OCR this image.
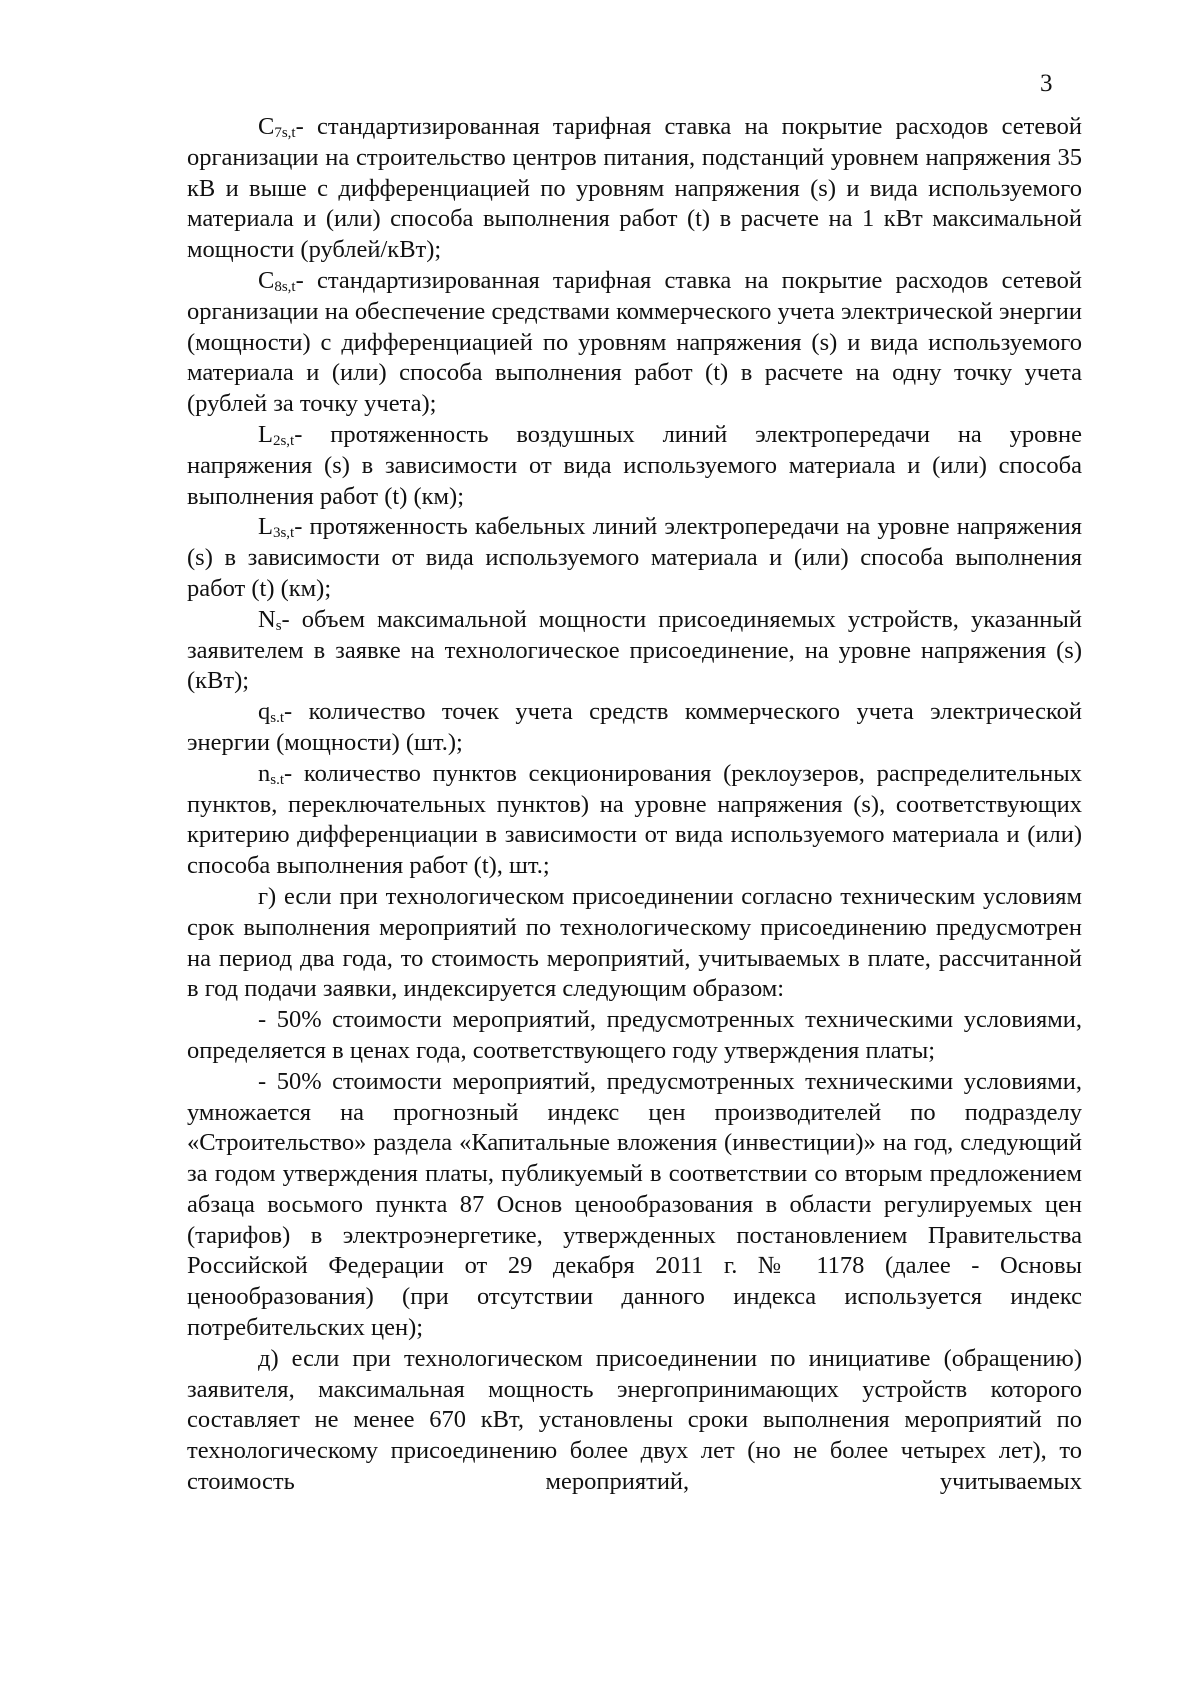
3

$C_{7s,t}-$ стандартизированная тарифная ставка на покрытие расходов сетевой организации на строительство центров питания, подстанций уровнем напряжения 35 кВ и выше с дифференциацией по уровням напряжения (s) и вида используемого материала и (или) способа выполнения работ (t) в расчете на 1 кВт максимальной мощности (рублей/кВт);

$C_{8s,t}-$ стандартизированная тарифная ставка на покрытие расходов сетевой организации на обеспечение средствами коммерческого учета электрической энергии (мощности) с дифференциацией по уровням напряжения (s) и вида используемого материала и (или) способа выполнения работ (t) в расчете на одну точку учета (рублей за точку учета);

$L_{2s,t}-$ протяженность воздушных линий электропередачи на уровне напряжения (s) в зависимости от вида используемого материала и (или) способа выполнения работ (t) (км);

$L_{3s,t}-$ протяженность кабельных линий электропередачи на уровне напряжения (s) в зависимости от вида используемого материала и (или) способа выполнения работ (t) (км);

$N_s-$ объем максимальной мощности присоединяемых устройств, указанный заявителем в заявке на технологическое присоединение, на уровне напряжения (s) (кВт);

$q_{s.t}-$ количество точек учета средств коммерческого учета электрической энергии (мощности) (шт.);

$n_{s.t}-$ количество пунктов секционирования (реклоузеров, распределительных пунктов, переключательных пунктов) на уровне напряжения (s), соответствующих критерию дифференциации в зависимости от вида используемого материала и (или) способа выполнения работ (t), шт.;

г) если при технологическом присоединении согласно техническим условиям срок выполнения мероприятий по технологическому присоединению предусмотрен на период два года, то стоимость мероприятий, учитываемых в плате, рассчитанной в год подачи заявки, индексируется следующим образом:

- 50% стоимости мероприятий, предусмотренных техническими условиями, определяется в ценах года, соответствующего году утверждения платы;

- 50% стоимости мероприятий, предусмотренных техническими условиями, умножается на прогнозный индекс цен производителей по подразделу «Строительство» раздела «Капитальные вложения (инвестиции)» на год, следующий за годом утверждения платы, публикуемый в соответствии со вторым предложением абзаца восьмого пункта 87 Основ ценообразования в области регулируемых цен (тарифов) в электроэнергетике, утвержденных постановлением Правительства Российской Федерации от 29 декабря 2011 г. № 1178 (далее - Основы ценообразования) (при отсутствии данного индекса используется индекс потребительских цен);

д) если при технологическом присоединении по инициативе (обращению) заявителя, максимальная мощность энергопринимающих устройств которого составляет не менее 670 кВт, установлены сроки выполнения мероприятий по технологическому присоединению более двух лет (но не более четырех лет), то стоимость мероприятий, учитываемых
